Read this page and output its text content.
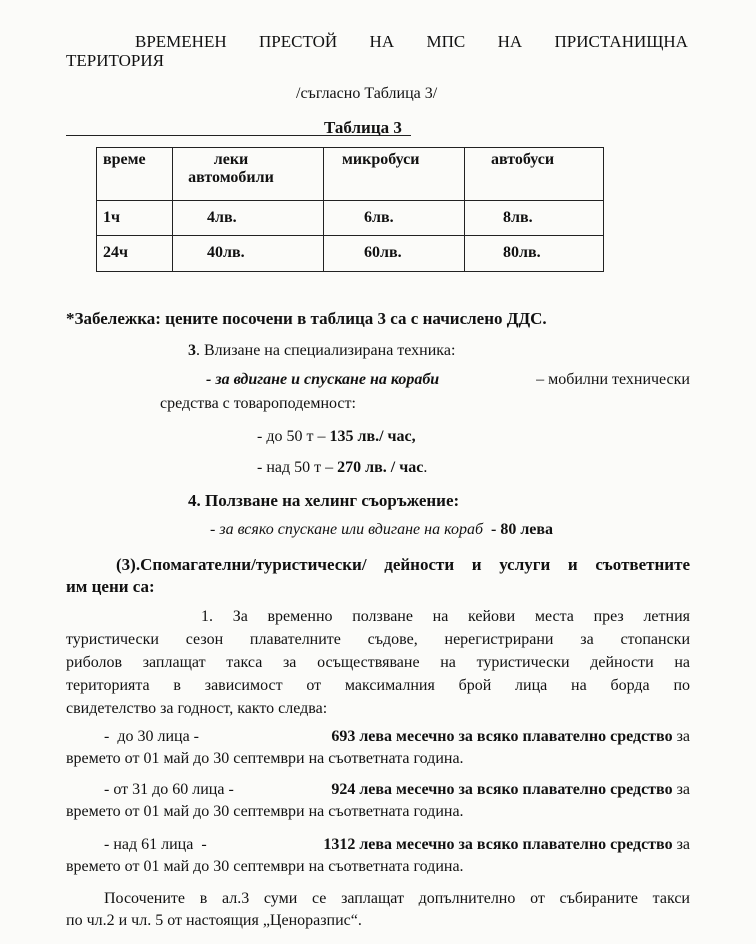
ВРЕМЕНЕН ПРЕСТОЙ НА МПС НА ПРИСТАНИЩНА
ТЕРИТОРИЯ
/съгласно Таблица 3/
Таблица 3
време	леки автомобили	микробуси	автобуси
1ч	4лв.	6лв.	8лв.
24ч	40лв.	60лв.	80лв.
*Забележка: цените посочени в таблица 3 са с начислено ДДС.
3. Влизане на специализирана техника:
- за вдигане и спускане на кораби	– мобилни технически
средства с товароподемност:
- до 50 т – 135 лв./ час,
- над 50 т – 270 лв. / час.
4. Ползване на хелинг съоръжение:
- за всяко спускане или вдигане на кораб  - 80 лева
(3).Спомагателни/туристически/ дейности и услуги и съответните
им цени са:
1. За временно ползване на кейови места през летния
туристически сезон плавателните съдове, нерегистрирани за стопански
риболов заплащат такса за осъществяване на туристически дейности на
територията в зависимост от максималния брой лица на борда по
свидетелство за годност, както следва:
-  до 30 лица -	693 лева месечно за всяко плавателно средство за
времето от 01 май до 30 септември на съответната година.
- от 31 до 60 лица -	924 лева месечно за всяко плавателно средство за
времето от 01 май до 30 септември на съответната година.
- над 61 лица  -	1312 лева месечно за всяко плавателно средство за
времето от 01 май до 30 септември на съответната година.
Посочените в ал.3 суми се заплащат допълнително от събираните такси
по чл.2 и чл. 5 от настоящия „Ценоразпис“.
